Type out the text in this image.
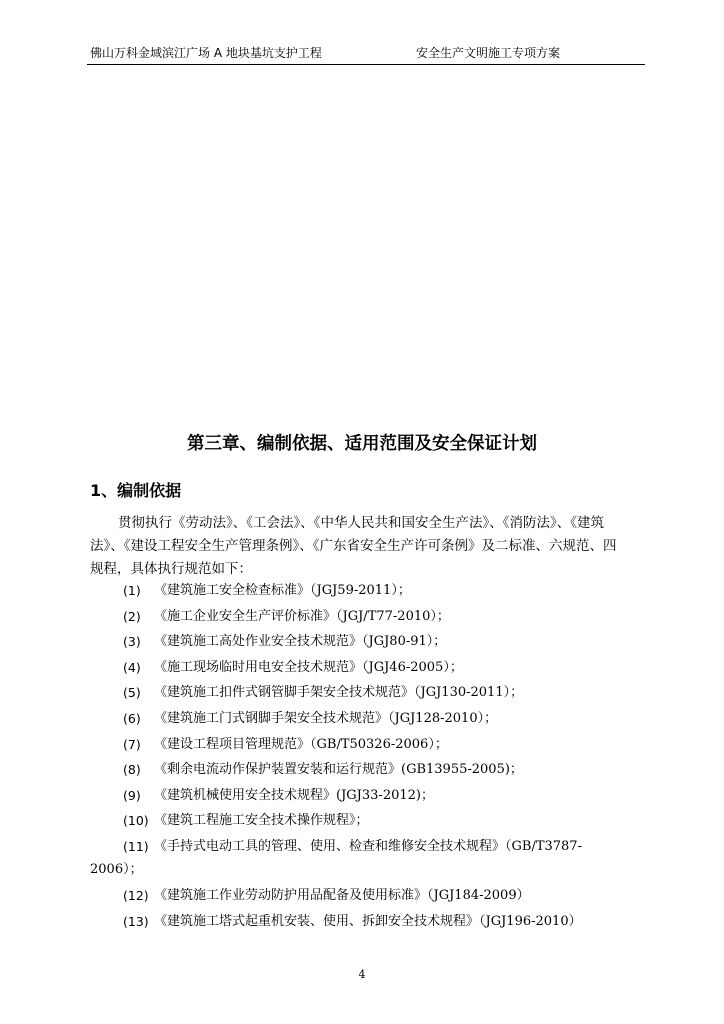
佛山万科金域滨江广场 A 地块基坑支护工程	安全生产文明施工专项方案
第三章、编制依据、适用范围及安全保证计划
1、编制依据
贯彻执行《劳动法》、《工会法》、《中华人民共和国安全生产法》、《消防法》、《建筑
法》、《建设工程安全生产管理条例》、《广东省安全生产许可条例》及二标准、六规范、四
规程，具体执行规范如下：
(1) 《建筑施工安全检查标准》（JGJ59-2011）；
(2) 《施工企业安全生产评价标准》（JGJ/T77-2010）；
(3) 《建筑施工高处作业安全技术规范》（JGJ80-91）；
(4) 《施工现场临时用电安全技术规范》（JGJ46-2005）；
(5) 《建筑施工扣件式钢管脚手架安全技术规范》（JGJ130-2011）；
(6) 《建筑施工门式钢脚手架安全技术规范》（JGJ128-2010）；
(7) 《建设工程项目管理规范》（GB/T50326-2006）；
(8) 《剩余电流动作保护装置安装和运行规范》(GB13955-2005)；
(9) 《建筑机械使用安全技术规程》(JGJ33-2012)；
(10) 《建筑工程施工安全技术操作规程》；
(11) 《手持式电动工具的管理、使用、检查和维修安全技术规程》（GB/T3787-
2006）；
(12) 《建筑施工作业劳动防护用品配备及使用标准》（JGJ184-2009）
(13) 《建筑施工塔式起重机安装、使用、拆卸安全技术规程》（JGJ196-2010）
4
